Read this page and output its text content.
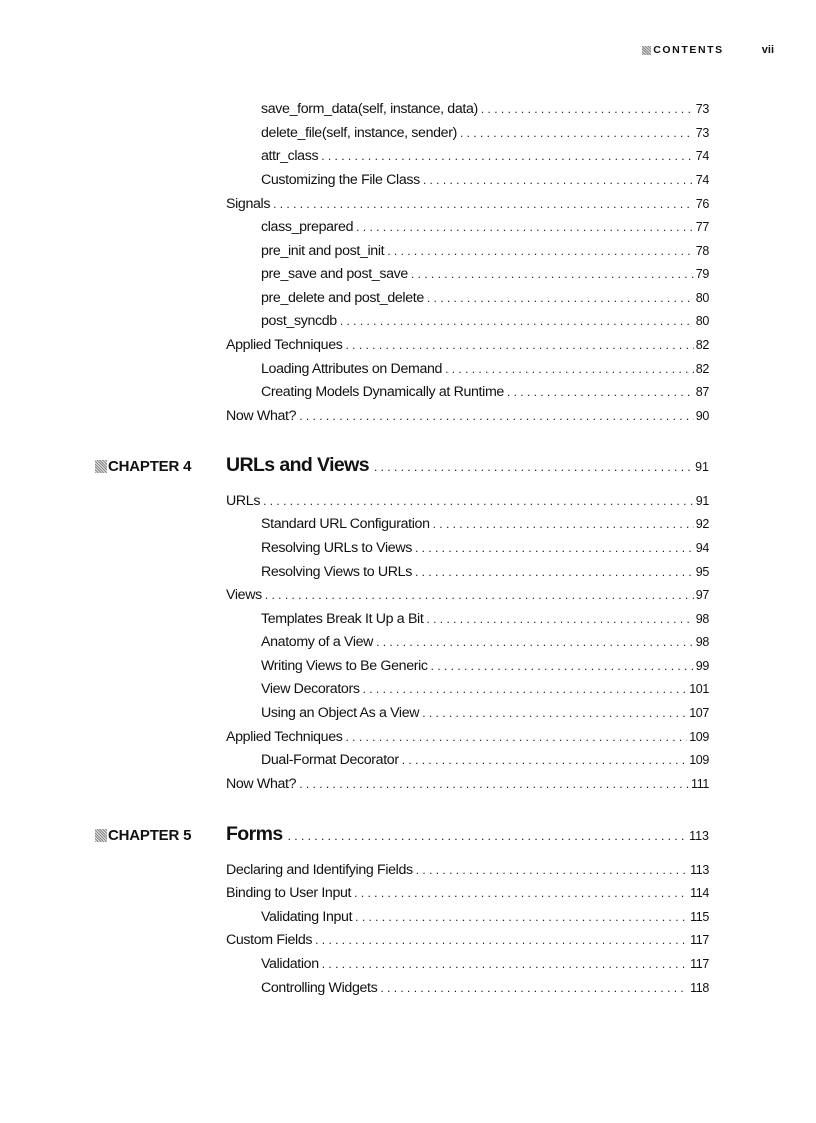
CONTENTS	vii
save_form_data(self, instance, data) . . .	73
delete_file(self, instance, sender) . . .	73
attr_class . . .	74
Customizing the File Class . . .	74
Signals . . .	76
class_prepared . . .	77
pre_init and post_init . . .	78
pre_save and post_save . . .	79
pre_delete and post_delete . . .	80
post_syncdb . . .	80
Applied Techniques . . .	82
Loading Attributes on Demand . . .	82
Creating Models Dynamically at Runtime . . .	87
Now What? . . .	90
CHAPTER 4 URLs and Views . . .	91
URLs . . .	91
Standard URL Configuration . . .	92
Resolving URLs to Views . . .	94
Resolving Views to URLs . . .	95
Views . . .	97
Templates Break It Up a Bit . . .	98
Anatomy of a View . . .	98
Writing Views to Be Generic . . .	99
View Decorators . . .	101
Using an Object As a View . . .	107
Applied Techniques . . .	109
Dual-Format Decorator . . .	109
Now What? . . .	111
CHAPTER 5 Forms . . .	113
Declaring and Identifying Fields . . .	113
Binding to User Input . . .	114
Validating Input . . .	115
Custom Fields . . .	117
Validation . . .	117
Controlling Widgets . . .	118
